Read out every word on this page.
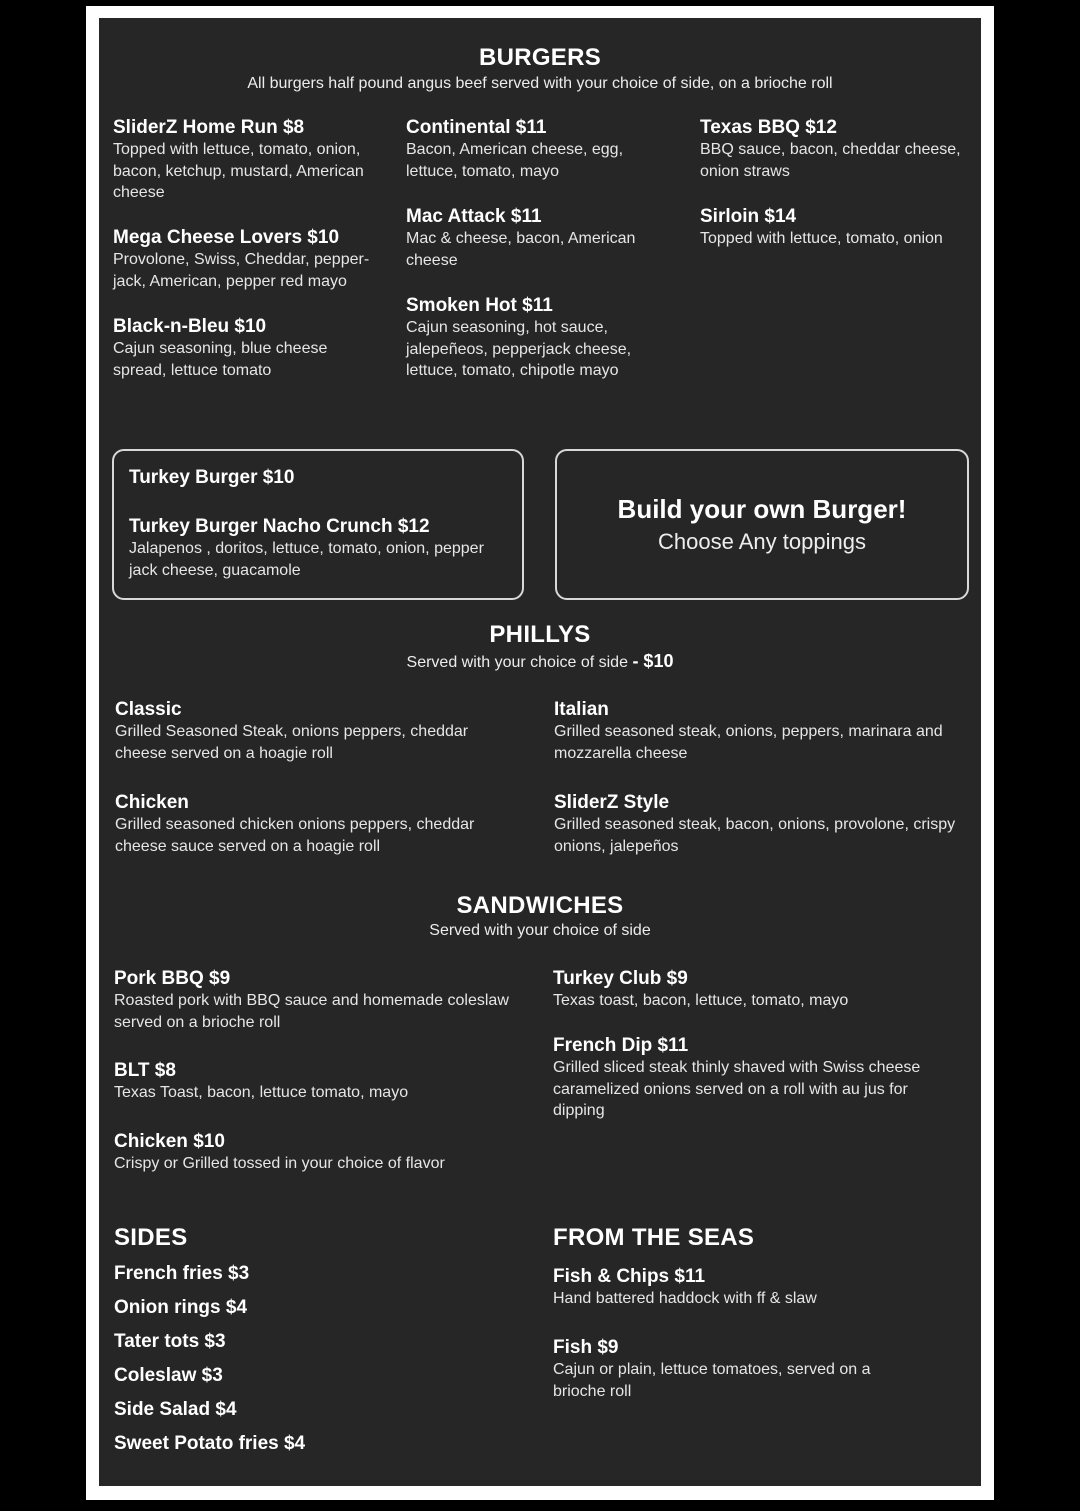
BURGERS
All burgers half pound angus beef served with your choice of side, on a brioche roll
SliderZ Home Run $8
Topped with lettuce, tomato, onion, bacon, ketchup, mustard, American cheese
Mega Cheese Lovers $10
Provolone, Swiss, Cheddar, pepper-jack, American, pepper red mayo
Black-n-Bleu $10
Cajun seasoning, blue cheese spread, lettuce tomato
Continental $11
Bacon, American cheese, egg, lettuce, tomato, mayo
Mac Attack $11
Mac & cheese, bacon, American cheese
Smoken Hot $11
Cajun seasoning, hot sauce, jalepeñeos, pepperjack cheese, lettuce, tomato, chipotle mayo
Texas BBQ $12
BBQ sauce, bacon, cheddar cheese, onion straws
Sirloin $14
Topped with lettuce, tomato, onion
Turkey Burger $10
Turkey Burger Nacho Crunch $12
Jalapenos , doritos, lettuce, tomato, onion, pepper jack cheese, guacamole
Build your own Burger!
Choose Any toppings
PHILLYS
Served with your choice of side - $10
Classic
Grilled Seasoned Steak, onions peppers, cheddar cheese served on a hoagie roll
Chicken
Grilled seasoned chicken onions peppers, cheddar cheese sauce served on a hoagie roll
Italian
Grilled seasoned steak, onions, peppers, marinara and mozzarella cheese
SliderZ Style
Grilled seasoned steak, bacon, onions, provolone, crispy onions, jalepeños
SANDWICHES
Served with your choice of side
Pork BBQ $9
Roasted pork with BBQ sauce and homemade coleslaw served on a brioche roll
BLT $8
Texas Toast, bacon, lettuce tomato, mayo
Chicken $10
Crispy or Grilled tossed in your choice of flavor
Turkey Club $9
Texas toast, bacon, lettuce, tomato, mayo
French Dip $11
Grilled sliced steak thinly shaved with Swiss cheese caramelized onions served on a roll with au jus for dipping
SIDES
French fries $3
Onion rings $4
Tater tots $3
Coleslaw $3
Side Salad $4
Sweet Potato fries $4
FROM THE SEAS
Fish & Chips $11
Hand battered haddock with ff & slaw
Fish $9
Cajun or plain, lettuce tomatoes, served on a brioche roll
